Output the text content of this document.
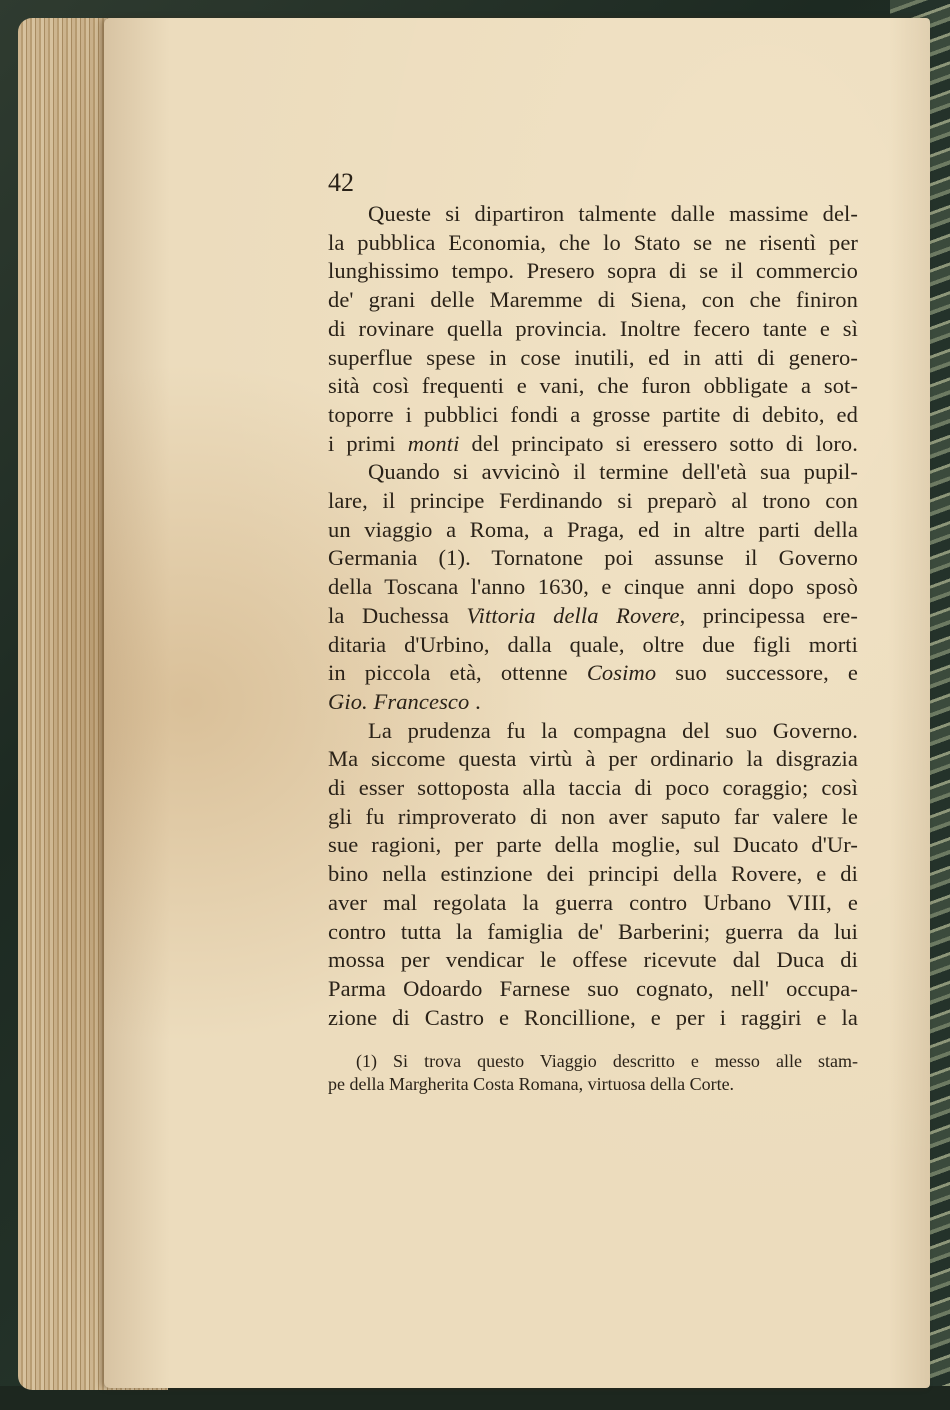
42
Queste si dipartiron talmente dalle massime del-
la pubblica Economia, che lo Stato se ne risentì per
lunghissimo tempo. Presero sopra di se il commercio
de' grani delle Maremme di Siena, con che finiron
di rovinare quella provincia. Inoltre fecero tante e sì
superflue spese in cose inutili, ed in atti di genero-
sità così frequenti e vani, che furon obbligate a sot-
toporre i pubblici fondi a grosse partite di debito, ed
i primi monti del principato si eressero sotto di loro.
Quando si avvicinò il termine dell'età sua pupil-
lare, il principe Ferdinando si preparò al trono con
un viaggio a Roma, a Praga, ed in altre parti della
Germania (1). Tornatone poi assunse il Governo
della Toscana l'anno 1630, e cinque anni dopo sposò
la Duchessa Vittoria della Rovere, principessa ere-
ditaria d'Urbino, dalla quale, oltre due figli morti
in piccola età, ottenne Cosimo suo successore, e
Gio. Francesco .
La prudenza fu la compagna del suo Governo.
Ma siccome questa virtù à per ordinario la disgrazia
di esser sottoposta alla taccia di poco coraggio; così
gli fu rimproverato di non aver saputo far valere le
sue ragioni, per parte della moglie, sul Ducato d'Ur-
bino nella estinzione dei principi della Rovere, e di
aver mal regolata la guerra contro Urbano VIII, e
contro tutta la famiglia de' Barberini; guerra da lui
mossa per vendicar le offese ricevute dal Duca di
Parma Odoardo Farnese suo cognato, nell' occupa-
zione di Castro e Roncillione, e per i raggiri e la
(1) Si trova questo Viaggio descritto e messo alle stam-
pe della Margherita Costa Romana, virtuosa della Corte.
